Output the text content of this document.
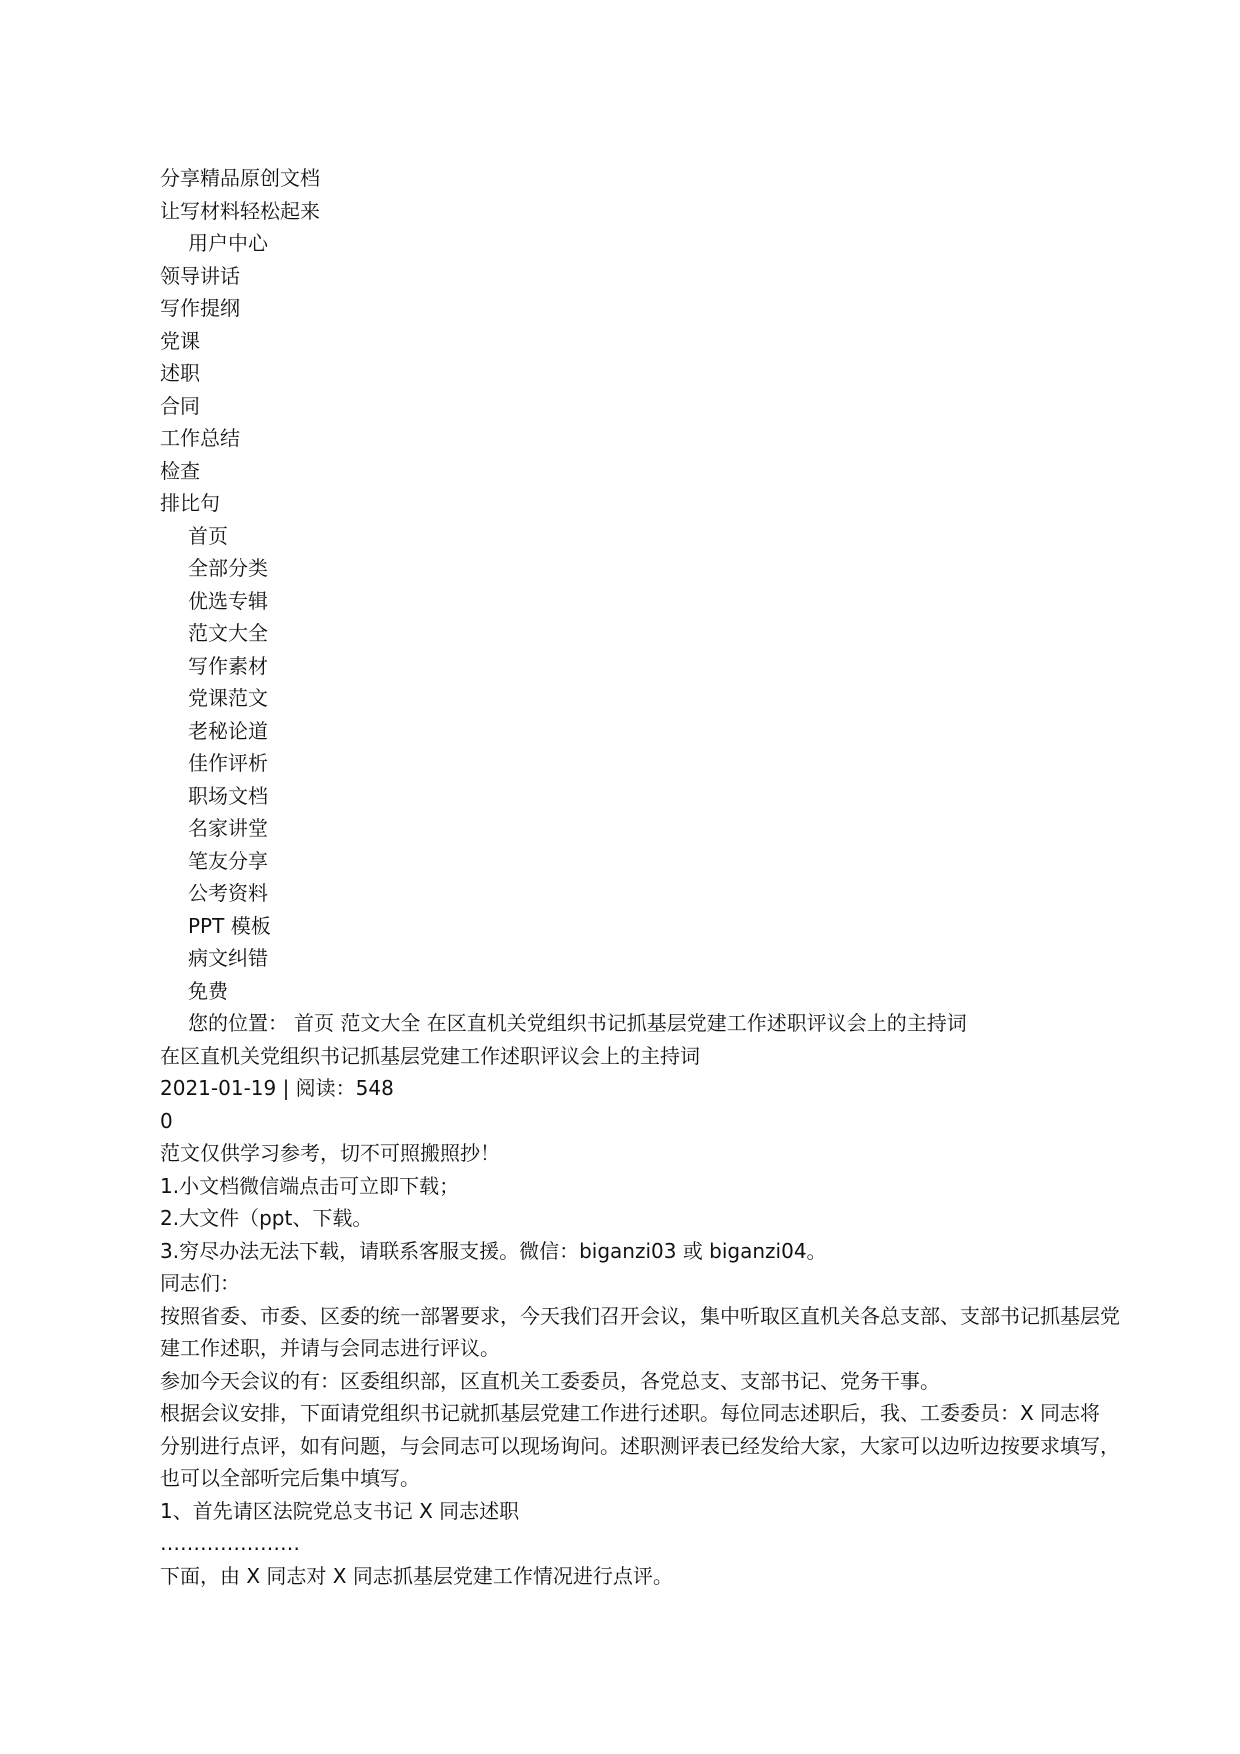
分享精品原创文档
让写材料轻松起来
用户中心
领导讲话
写作提纲
党课
述职
合同
工作总结
检查
排比句
首页
全部分类
优选专辑
范文大全
写作素材
党课范文
老秘论道
佳作评析
职场文档
名家讲堂
笔友分享
公考资料
PPT 模板
病文纠错
免费
您的位置： 首页 范文大全 在区直机关党组织书记抓基层党建工作述职评议会上的主持词
在区直机关党组织书记抓基层党建工作述职评议会上的主持词
2021-01-19 | 阅读：548
0
范文仅供学习参考，切不可照搬照抄！
1.小文档微信端点击可立即下载；
2.大文件（ppt、下载。
3.穷尽办法无法下载，请联系客服支援。微信：biganzi03 或 biganzi04。
同志们：
按照省委、市委、区委的统一部署要求，今天我们召开会议，集中听取区直机关各总支部、支部书记抓基层党建工作述职，并请与会同志进行评议。
参加今天会议的有：区委组织部，区直机关工委委员，各党总支、支部书记、党务干事。
根据会议安排，下面请党组织书记就抓基层党建工作进行述职。每位同志述职后，我、工委委员：X 同志将分别进行点评，如有问题，与会同志可以现场询问。述职测评表已经发给大家，大家可以边听边按要求填写，也可以全部听完后集中填写。
1、首先请区法院党总支书记 X 同志述职
…………………
下面，由 X 同志对 X 同志抓基层党建工作情况进行点评。
